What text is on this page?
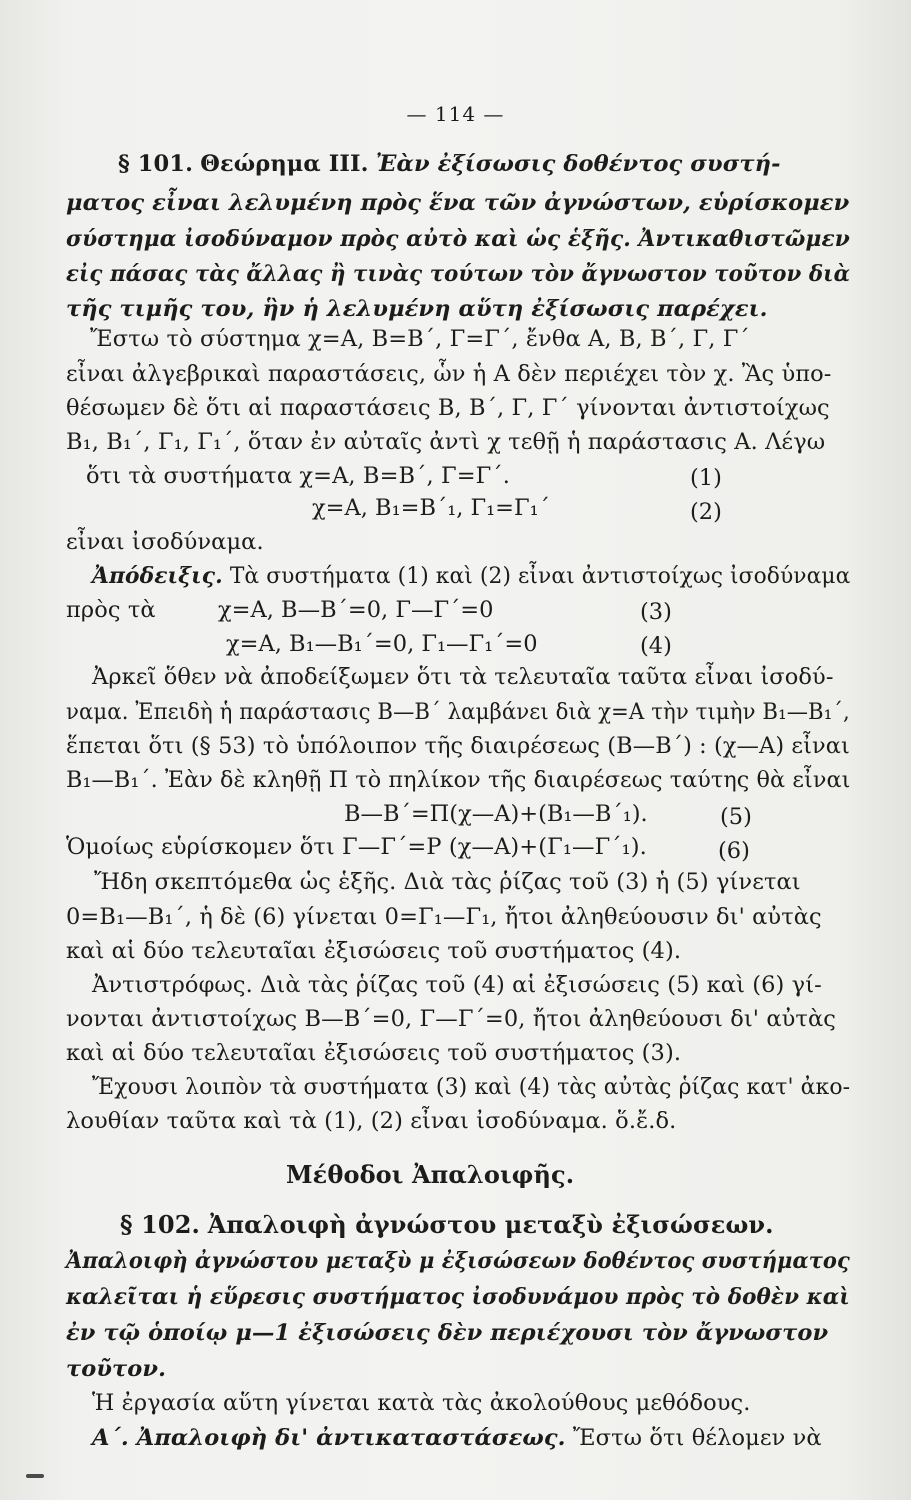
— 114 —
§ 101. Θεώρημα III. Ἐὰν ἐξίσωσις δοθέντος συστή-
ματος εἶναι λελυμένη πρὸς ἕνα τῶν ἀγνώστων, εὑρίσκομεν
σύστημα ἰσοδύναμον πρὸς αὐτὸ καὶ ὡς ἑξῆς. Ἀντικαθιστῶμεν
εἰς πάσας τὰς ἄλλας ἢ τινὰς τούτων τὸν ἄγνωστον τοῦτον διὰ
τῆς τιμῆς του, ἣν ἡ λελυμένη αὕτη ἐξίσωσις παρέχει.
Ἔστω τὸ σύστημα χ=Α, Β=Β΄, Γ=Γ΄, ἔνθα Α, Β, Β΄, Γ, Γ΄
εἶναι ἀλγεβρικαὶ παραστάσεις, ὧν ἡ Α δὲν περιέχει τὸν χ. Ἂς ὑπο-
θέσωμεν δὲ ὅτι αἱ παραστάσεις Β, Β΄, Γ, Γ΄ γίνονται ἀντιστοίχως
Β₁, Β₁΄, Γ₁, Γ₁΄, ὅταν ἐν αὐταῖς ἀντὶ χ τεθῇ ἡ παράστασις Α. Λέγω
ὅτι τὰ συστήματα χ=Α, Β=Β΄, Γ=Γ΄.	(1)
χ=Α, Β₁=Β΄₁, Γ₁=Γ₁΄	(2)
εἶναι ἰσοδύναμα.
Ἀπόδειξις. Τὰ συστήματα (1) καὶ (2) εἶναι ἀντιστοίχως ἰσοδύναμα
πρὸς τὰ	χ=Α, Β—Β΄=0, Γ—Γ΄=0	(3)
χ=Α, Β₁—Β₁΄=0, Γ₁—Γ₁΄=0	(4)
Ἀρκεῖ ὅθεν νὰ ἀποδείξωμεν ὅτι τὰ τελευταῖα ταῦτα εἶναι ἰσοδύ-
ναμα. Ἐπειδὴ ἡ παράστασις Β—Β΄ λαμβάνει διὰ χ=Α τὴν τιμὴν Β₁—Β₁΄,
ἕπεται ὅτι (§ 53) τὸ ὑπόλοιπον τῆς διαιρέσεως (Β—Β΄) : (χ—Α) εἶναι
Β₁—Β₁΄. Ἐὰν δὲ κληθῇ Π τὸ πηλίκον τῆς διαιρέσεως ταύτης θὰ εἶναι
Β—Β΄=Π(χ—Α)+(Β₁—Β΄₁).	(5)
Ὁμοίως εὑρίσκομεν ὅτι Γ—Γ΄=Ρ (χ—Α)+(Γ₁—Γ΄₁).	(6)
Ἤδη σκεπτόμεθα ὡς ἑξῆς. Διὰ τὰς ῥίζας τοῦ (3) ἡ (5) γίνεται
0=Β₁—Β₁΄, ἡ δὲ (6) γίνεται 0=Γ₁—Γ₁, ἤτοι ἀληθεύουσιν δι' αὐτὰς
καὶ αἱ δύο τελευταῖαι ἐξισώσεις τοῦ συστήματος (4).
Ἀντιστρόφως. Διὰ τὰς ῥίζας τοῦ (4) αἱ ἐξισώσεις (5) καὶ (6) γί-
νονται ἀντιστοίχως Β—Β΄=0, Γ—Γ΄=0, ἤτοι ἀληθεύουσι δι' αὐτὰς
καὶ αἱ δύο τελευταῖαι ἐξισώσεις τοῦ συστήματος (3).
Ἔχουσι λοιπὸν τὰ συστήματα (3) καὶ (4) τὰς αὐτὰς ῥίζας κατ' ἀκο-
λουθίαν ταῦτα καὶ τὰ (1), (2) εἶναι ἰσοδύναμα. ὅ.ἔ.δ.
Μέθοδοι Ἀπαλοιφῆς.
§ 102. Ἀπαλοιφὴ ἀγνώστου μεταξὺ ἐξισώσεων.
Ἀπαλοιφὴ ἀγνώστου μεταξὺ μ ἐξισώσεων δοθέντος συστήματος
καλεῖται ἡ εὕρεσις συστήματος ἰσοδυνάμου πρὸς τὸ δοθὲν καὶ
ἐν τῷ ὁποίῳ μ—1 ἐξισώσεις δὲν περιέχουσι τὸν ἄγνωστον
τοῦτον.
Ἡ ἐργασία αὕτη γίνεται κατὰ τὰς ἀκολούθους μεθόδους.
Α΄. Ἀπαλοιφὴ δι' ἀντικαταστάσεως. Ἔστω ὅτι θέλομεν νὰ
